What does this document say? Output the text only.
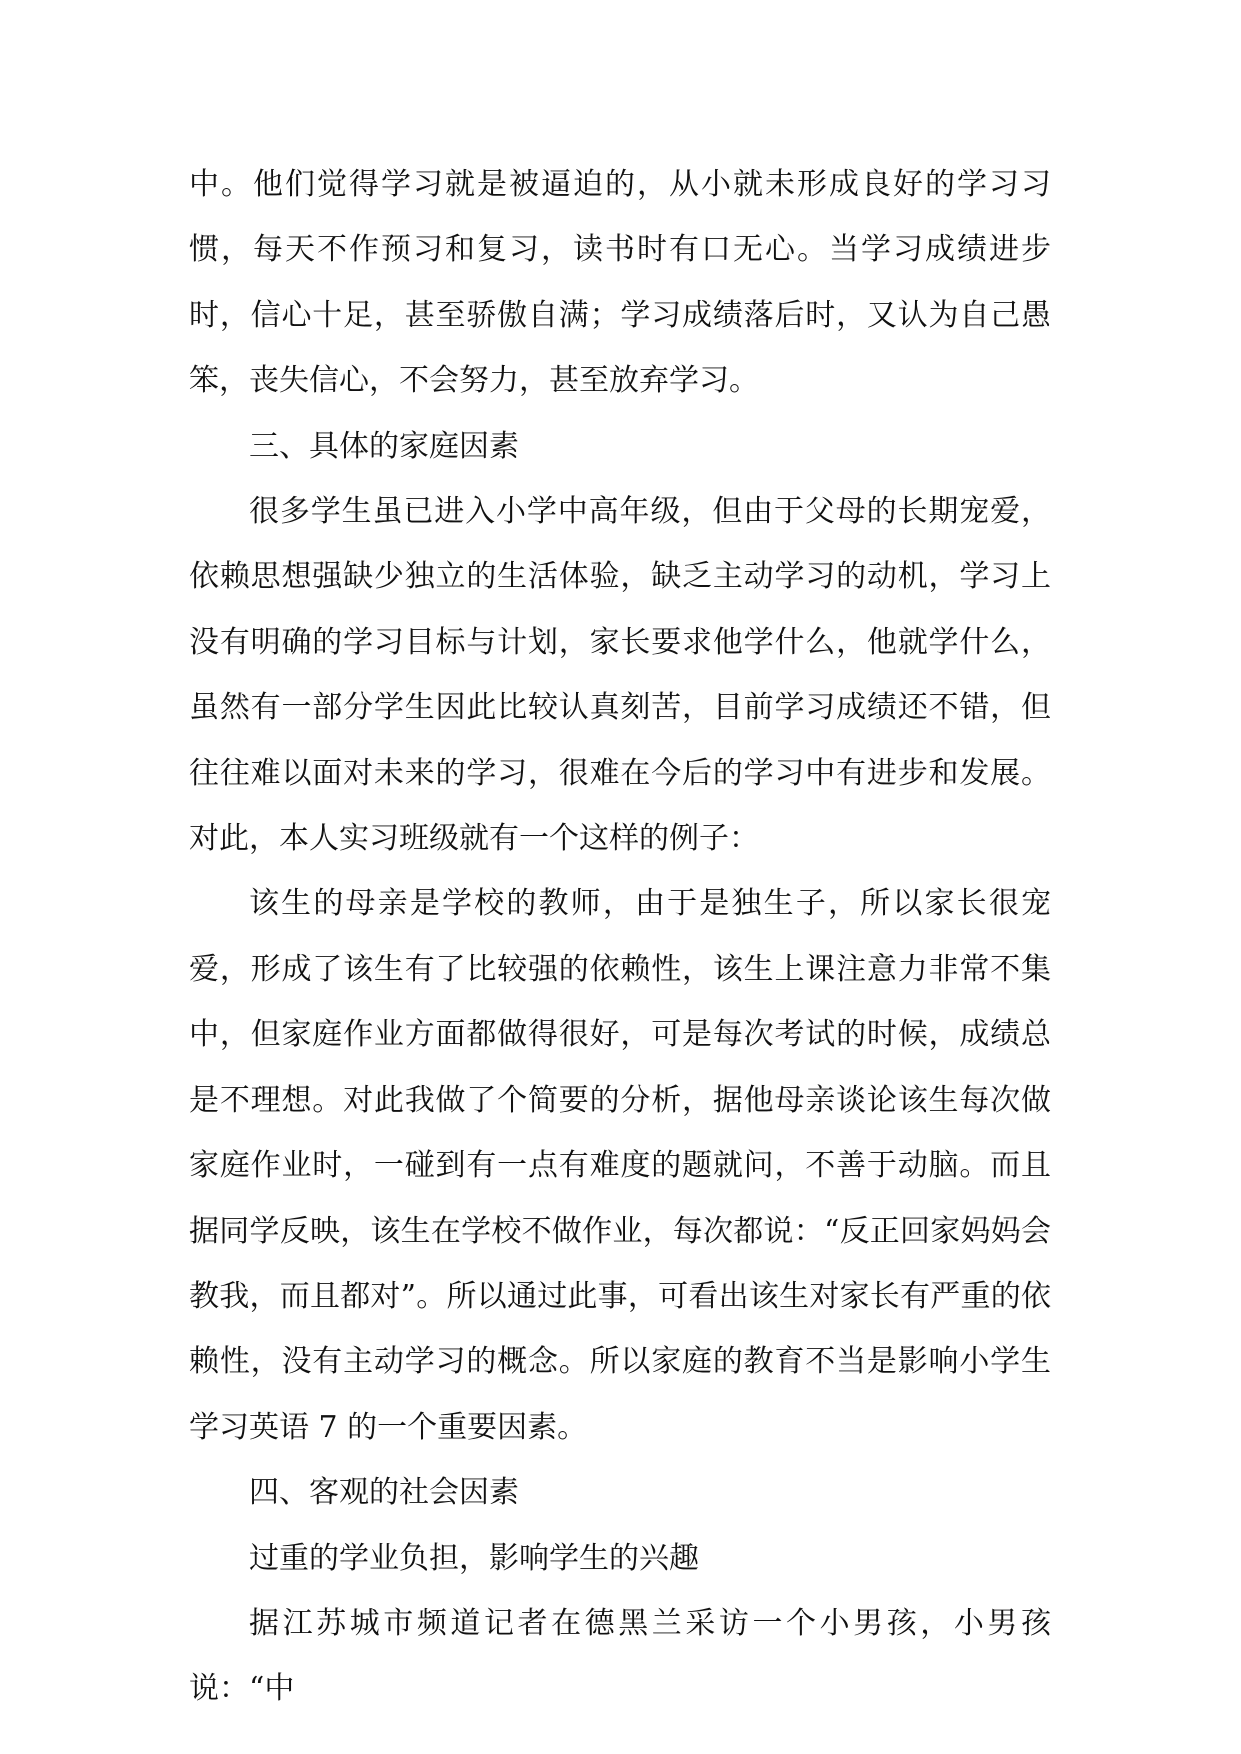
中。他们觉得学习就是被逼迫的，从小就未形成良好的学习习惯，每天不作预习和复习，读书时有口无心。当学习成绩进步时，信心十足，甚至骄傲自满；学习成绩落后时，又认为自己愚笨，丧失信心，不会努力，甚至放弃学习。

三、具体的家庭因素

很多学生虽已进入小学中高年级，但由于父母的长期宠爱，依赖思想强缺少独立的生活体验，缺乏主动学习的动机，学习上没有明确的学习目标与计划，家长要求他学什么，他就学什么，虽然有一部分学生因此比较认真刻苦，目前学习成绩还不错，但往往难以面对未来的学习，很难在今后的学习中有进步和发展。对此，本人实习班级就有一个这样的例子：

该生的母亲是学校的教师，由于是独生子，所以家长很宠爱，形成了该生有了比较强的依赖性，该生上课注意力非常不集中，但家庭作业方面都做得很好，可是每次考试的时候，成绩总是不理想。对此我做了个简要的分析，据他母亲谈论该生每次做家庭作业时，一碰到有一点有难度的题就问，不善于动脑。而且据同学反映，该生在学校不做作业，每次都说：“反正回家妈妈会教我，而且都对”。所以通过此事，可看出该生对家长有严重的依赖性，没有主动学习的概念。所以家庭的教育不当是影响小学生学习英语 7 的一个重要因素。

四、客观的社会因素

过重的学业负担，影响学生的兴趣

据江苏城市频道记者在德黑兰采访一个小男孩，小男孩说：“中
